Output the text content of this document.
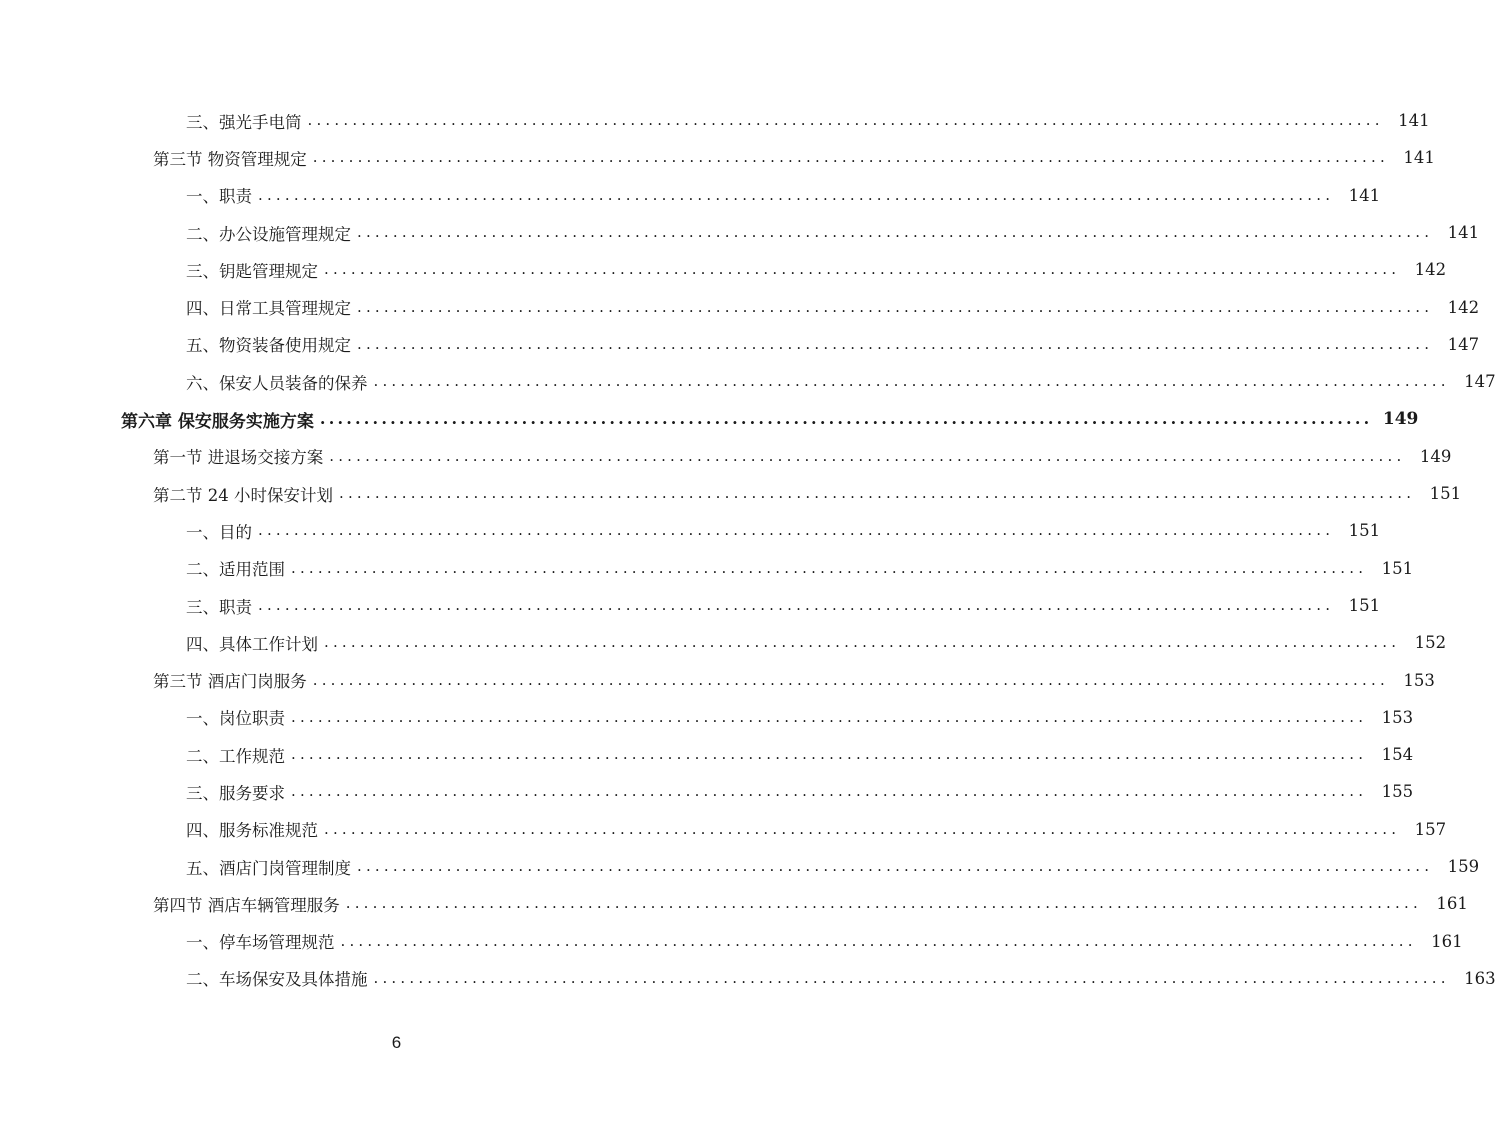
三、强光手电筒 ........................................................................................................................ 141
第三节 物资管理规定 ........................................................................................................................ 141
一、职责 ........................................................................................................................ 141
二、办公设施管理规定 ........................................................................................................................ 141
三、钥匙管理规定 ........................................................................................................................ 142
四、日常工具管理规定 ........................................................................................................................ 142
五、物资装备使用规定 ........................................................................................................................ 147
六、保安人员装备的保养 ........................................................................................................................ 147
第六章 保安服务实施方案 ........................................................................................................................ 149
第一节 进退场交接方案 ........................................................................................................................ 149
第二节 24 小时保安计划 ........................................................................................................................ 151
一、目的 ........................................................................................................................ 151
二、适用范围 ........................................................................................................................ 151
三、职责 ........................................................................................................................ 151
四、具体工作计划 ........................................................................................................................ 152
第三节 酒店门岗服务 ........................................................................................................................ 153
一、岗位职责 ........................................................................................................................ 153
二、工作规范 ........................................................................................................................ 154
三、服务要求 ........................................................................................................................ 155
四、服务标准规范 ........................................................................................................................ 157
五、酒店门岗管理制度 ........................................................................................................................ 159
第四节 酒店车辆管理服务 ........................................................................................................................ 161
一、停车场管理规范 ........................................................................................................................ 161
二、车场保安及具体措施 ........................................................................................................................ 163
6
